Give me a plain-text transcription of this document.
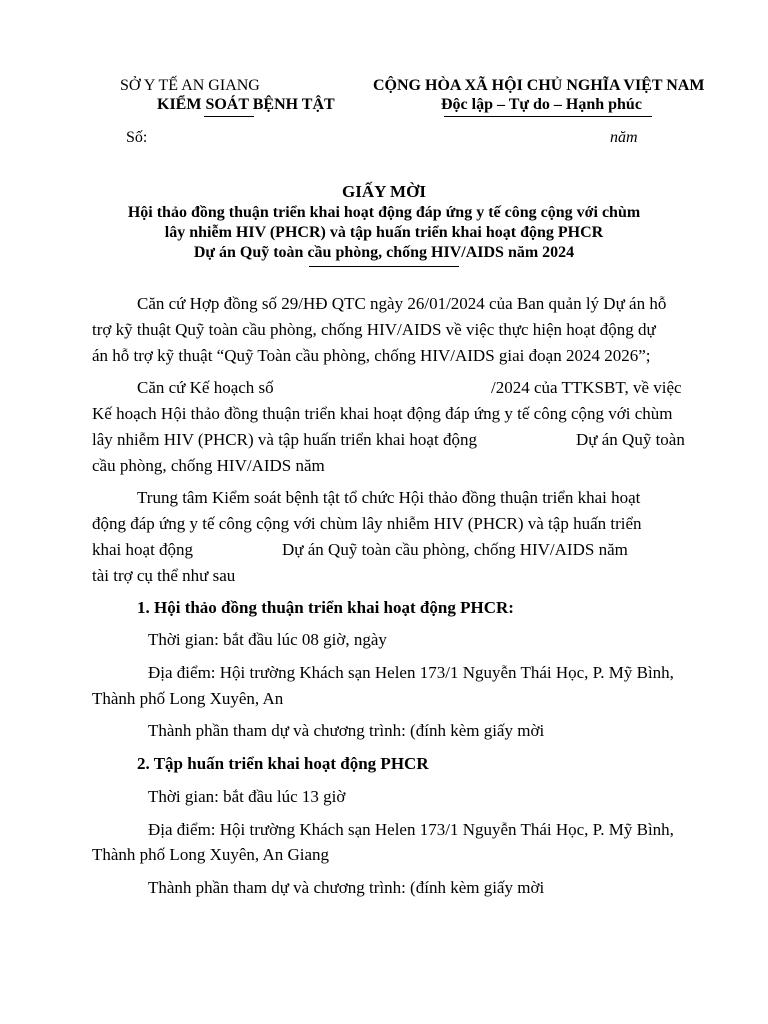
SỞ Y TẾ AN GIANG
KIỂM SOÁT BỆNH TẬT
CỘNG HÒA XÃ HỘI CHỦ NGHĨA VIỆT NAM
Độc lập – Tự do – Hạnh phúc
Số:	năm
GIẤY MỜI
Hội thảo đồng thuận triển khai hoạt động đáp ứng y tế công cộng với chùm
lây nhiễm HIV (PHCR) và tập huấn triển khai hoạt động PHCR
Dự án Quỹ toàn cầu phòng, chống HIV/AIDS năm 2024
Căn cứ Hợp đồng số 29/HĐ QTC ngày 26/01/2024 của Ban quản lý Dự án hỗ
trợ kỹ thuật Quỹ toàn cầu phòng, chống HIV/AIDS về việc thực hiện hoạt động dự
án hỗ trợ kỹ thuật “Quỹ Toàn cầu phòng, chống HIV/AIDS giai đoạn 2024 2026”;
Căn cứ Kế hoạch số	/2024 của TTKSBT, về việc
Kế hoạch Hội thảo đồng thuận triển khai hoạt động đáp ứng y tế công cộng với chùm
lây nhiễm HIV (PHCR) và tập huấn triển khai hoạt động	Dự án Quỹ toàn
cầu phòng, chống HIV/AIDS năm
Trung tâm Kiểm soát bệnh tật tổ chức Hội thảo đồng thuận triển khai hoạt
động đáp ứng y tế công cộng với chùm lây nhiễm HIV (PHCR) và tập huấn triển
khai hoạt động	Dự án Quỹ toàn cầu phòng, chống HIV/AIDS năm
tài trợ cụ thể như sau
1. Hội thảo đồng thuận triển khai hoạt động PHCR:
Thời gian: bắt đầu lúc 08 giờ, ngày
Địa điểm: Hội trường Khách sạn Helen 173/1 Nguyễn Thái Học, P. Mỹ Bình,
Thành phố Long Xuyên, An
Thành phần tham dự và chương trình: (đính kèm giấy mời
2. Tập huấn triển khai hoạt động PHCR
Thời gian: bắt đầu lúc 13 giờ
Địa điểm: Hội trường Khách sạn Helen 173/1 Nguyễn Thái Học, P. Mỹ Bình,
Thành phố Long Xuyên, An Giang
Thành phần tham dự và chương trình: (đính kèm giấy mời
